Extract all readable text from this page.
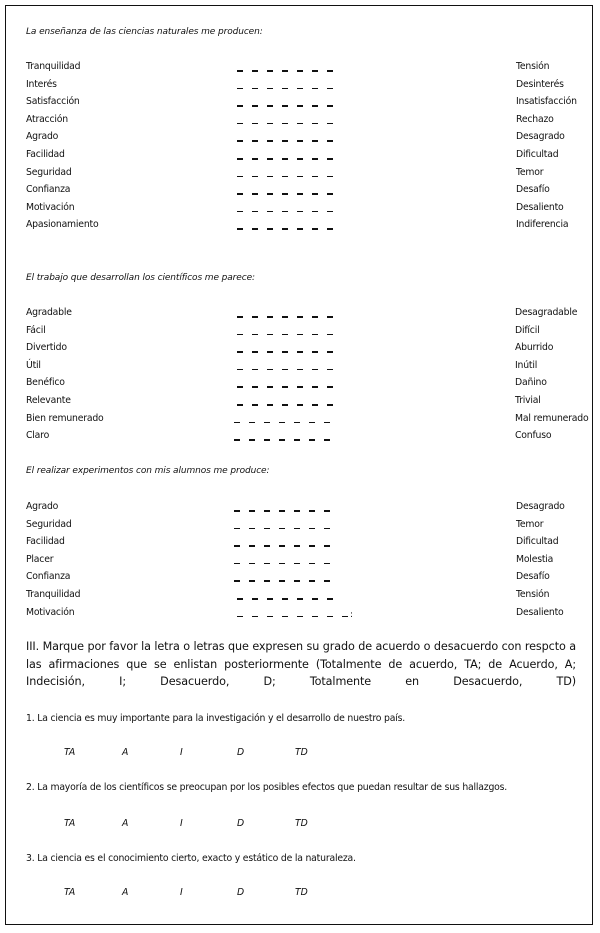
La enseñanza de las ciencias naturales me producen:
Tranquilidad	Tensión
Interés	Desinterés
Satisfacción	Insatisfacción
Atracción	Rechazo
Agrado	Desagrado
Facilidad	Dificultad
Seguridad	Temor
Confianza	Desafío
Motivación	Desaliento
Apasionamiento	Indiferencia
El trabajo que desarrollan los científicos me parece:
Agradable	Desagradable
Fácil	Difícil
Divertido	Aburrido
Útil	Inútil
Benéfico	Dañino
Relevante	Trivial
Bien remunerado	Mal remunerado
Claro	Confuso
El realizar experimentos con mis alumnos me produce:
Agrado	Desagrado
Seguridad	Temor
Facilidad	Dificultad
Placer	Molestia
Confianza	Desafío
Tranquilidad	Tensión
Motivación	:	Desaliento
III. Marque por favor la letra o letras que expresen su grado de acuerdo o desacuerdo con respcto a las afirmaciones que se enlistan posteriormente (Totalmente de acuerdo, TA; de Acuerdo, A; Indecisión, I; Desacuerdo, D; Totalmente en Desacuerdo, TD)
1. La ciencia es muy importante para la investigación y el desarrollo de nuestro país.
TA	A	I	D	TD
2. La mayoría de los científicos se preocupan por los posibles efectos que puedan resultar de sus hallazgos.
TA	A	I	D	TD
3. La ciencia es el conocimiento cierto, exacto y estático de la naturaleza.
TA	A	I	D	TD
